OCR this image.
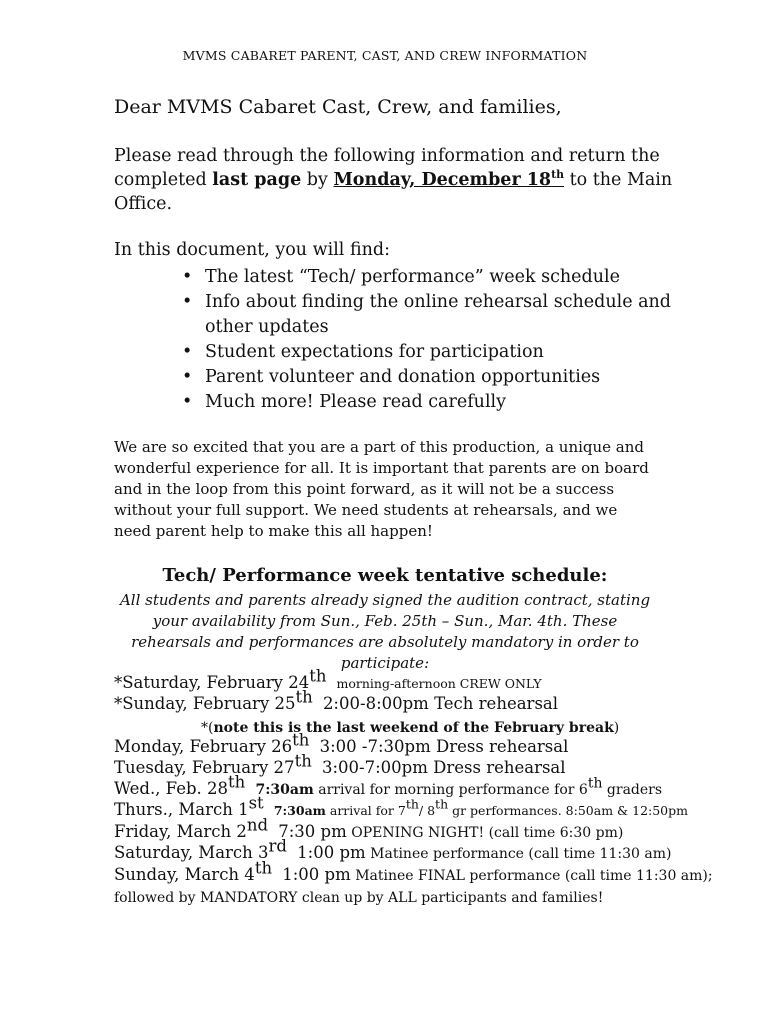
MVMS CABARET PARENT, CAST, AND CREW INFORMATION
Dear MVMS Cabaret Cast, Crew, and families,
Please read through the following information and return the completed last page by Monday, December 18th to the Main Office.
In this document, you will find:
• The latest “Tech/ performance” week schedule
• Info about finding the online rehearsal schedule and other updates
• Student expectations for participation
• Parent volunteer and donation opportunities
• Much more! Please read carefully
We are so excited that you are a part of this production, a unique and wonderful experience for all. It is important that parents are on board and in the loop from this point forward, as it will not be a success without your full support. We need students at rehearsals, and we need parent help to make this all happen!
Tech/ Performance week tentative schedule:
All students and parents already signed the audition contract, stating your availability from Sun., Feb. 25th – Sun., Mar. 4th. These rehearsals and performances are absolutely mandatory in order to participate:
*Saturday, February 24th morning-afternoon CREW ONLY
*Sunday, February 25th 2:00-8:00pm Tech rehearsal
*(note this is the last weekend of the February break)
Monday, February 26th 3:00 -7:30pm Dress rehearsal
Tuesday, February 27th 3:00-7:00pm Dress rehearsal
Wed., Feb. 28th 7:30am arrival for morning performance for 6th graders
Thurs., March 1st 7:30am arrival for 7th/ 8th gr performances. 8:50am & 12:50pm
Friday, March 2nd 7:30 pm OPENING NIGHT! (call time 6:30 pm)
Saturday, March 3rd 1:00 pm Matinee performance (call time 11:30 am)
Sunday, March 4th 1:00 pm Matinee FINAL performance (call time 11:30 am);
followed by MANDATORY clean up by ALL participants and families!
